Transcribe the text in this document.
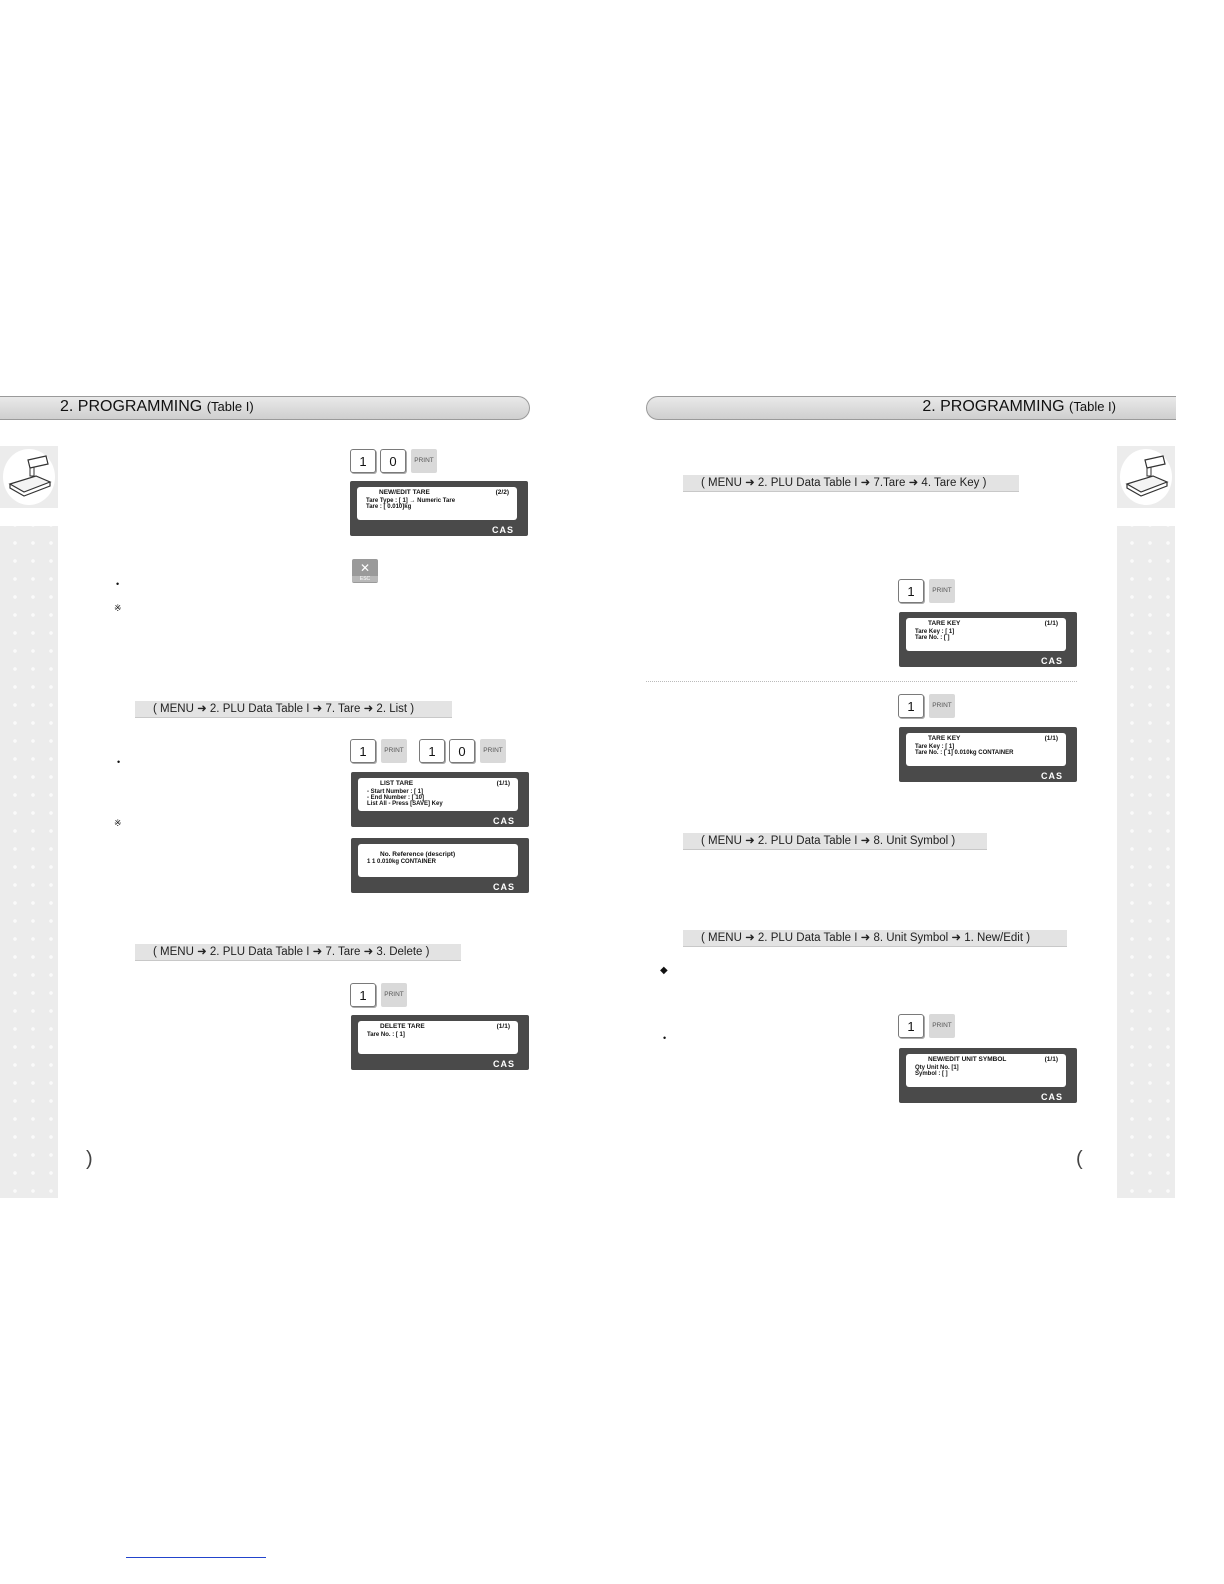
2. PROGRAMMING (Table I)	2. PROGRAMMING (Table I)
1	0	PRINT
NEW/EDIT TARE	(2/2)
Tare Type : [ 1] → Numeric Tare
Tare : [ 0.010]kg
CAS
✕
ESC
•
※
( MENU ➜ 2. PLU Data Table I ➜ 7. Tare ➜ 2. List )
1	PRINT	1	0	PRINT
•
LIST TARE	(1/1)
- Start Number : [ 1]
- End Number : [ 10]
List All - Press [SAVE] Key
CAS
※
No. Reference (descript)
1 1 0.010kg CONTAINER
CAS
( MENU ➜ 2. PLU Data Table I ➜ 7. Tare ➜ 3. Delete )
1	PRINT
DELETE TARE	(1/1)
Tare No. : [ 1]
CAS
)
( MENU ➜ 2. PLU Data Table I ➜ 7.Tare ➜ 4. Tare Key )
1	PRINT
TARE KEY	(1/1)
Tare Key : [ 1]
Tare No. : [ ]
CAS
1	PRINT
TARE KEY	(1/1)
Tare Key : [ 1]
Tare No. : [ 1] 0.010kg CONTAINER
CAS
( MENU ➜ 2. PLU Data Table I ➜ 8. Unit Symbol )
( MENU ➜ 2. PLU Data Table I ➜ 8. Unit Symbol ➜ 1. New/Edit )
◆
1	PRINT
•
NEW/EDIT UNIT SYMBOL	(1/1)
Qty Unit No. [1]
Symbol : [ ]
CAS
(
